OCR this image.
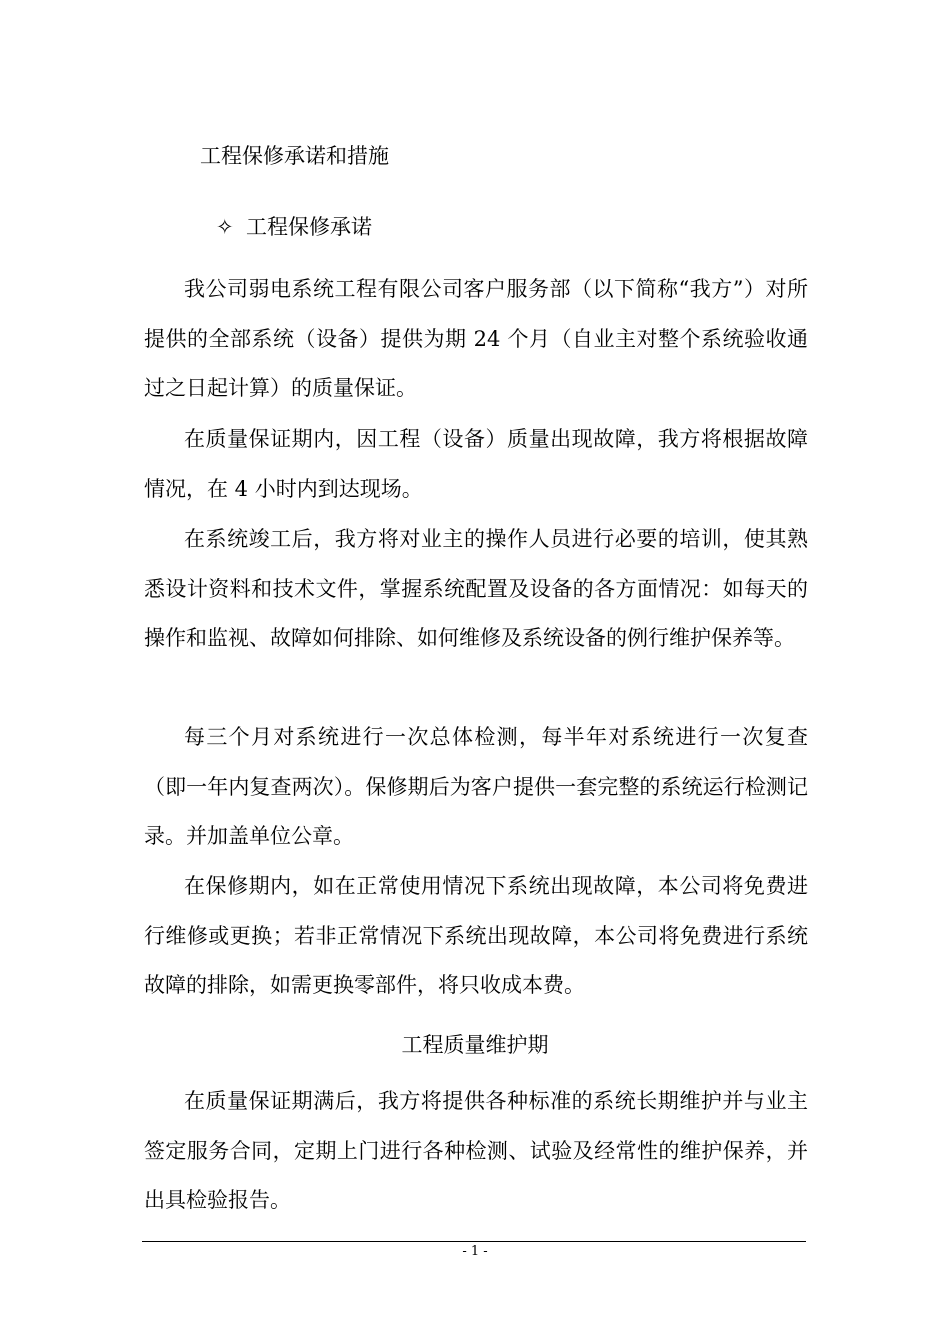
工程保修承诺和措施
✧ 工程保修承诺

我公司弱电系统工程有限公司客户服务部（以下简称“我方”）对所提供的全部系统（设备）提供为期 24 个月（自业主对整个系统验收通过之日起计算）的质量保证。

在质量保证期内，因工程（设备）质量出现故障，我方将根据故障情况，在 4 小时内到达现场。

在系统竣工后，我方将对业主的操作人员进行必要的培训，使其熟悉设计资料和技术文件，掌握系统配置及设备的各方面情况：如每天的操作和监视、故障如何排除、如何维修及系统设备的例行维护保养等。

每三个月对系统进行一次总体检测，每半年对系统进行一次复查（即一年内复查两次）。保修期后为客户提供一套完整的系统运行检测记录。并加盖单位公章。

在保修期内，如在正常使用情况下系统出现故障，本公司将免费进行维修或更换；若非正常情况下系统出现故障，本公司将免费进行系统故障的排除，如需更换零部件，将只收成本费。

工程质量维护期

在质量保证期满后，我方将提供各种标准的系统长期维护并与业主签定服务合同，定期上门进行各种检测、试验及经常性的维护保养，并出具检验报告。

- 1 -
